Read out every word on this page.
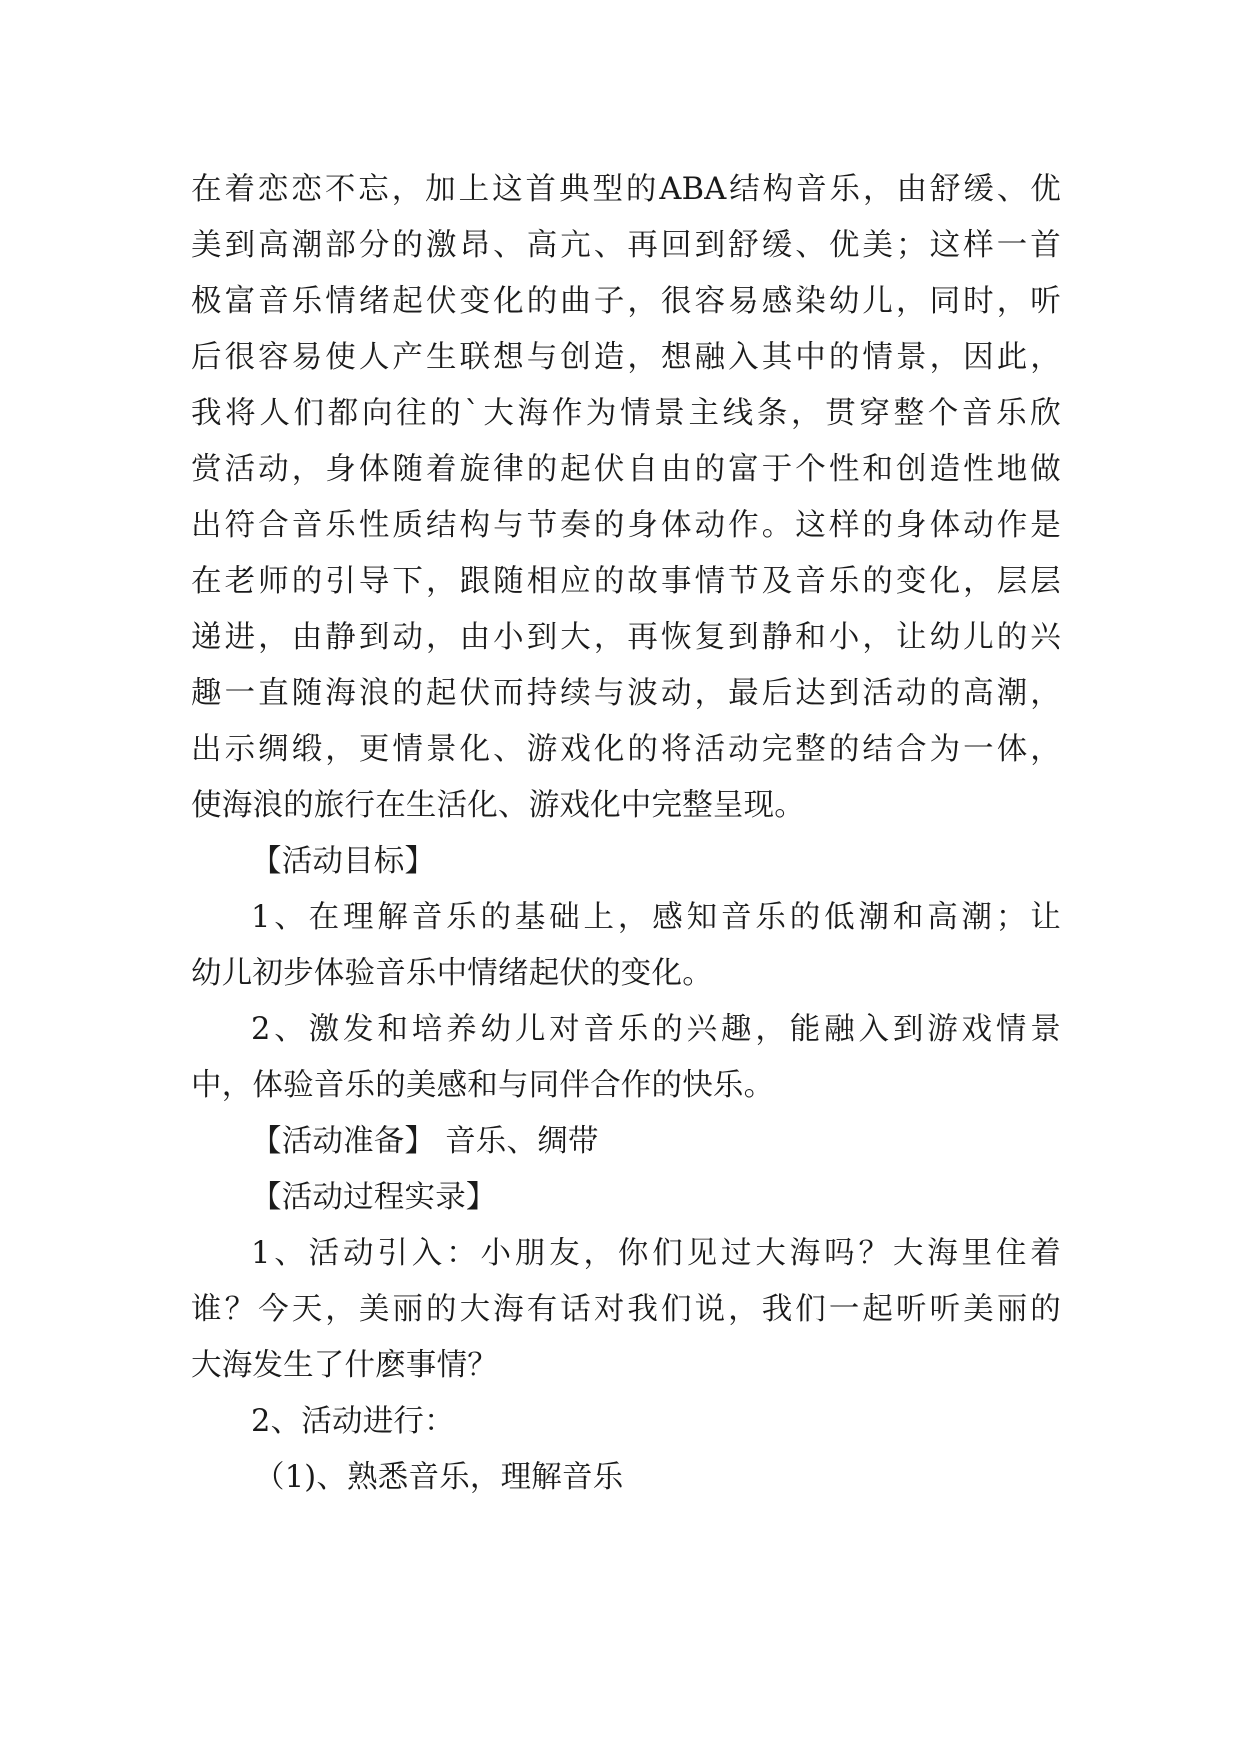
在着恋恋不忘，加上这首典型的ABA结构音乐，由舒缓、优
美到高潮部分的激昂、高亢、再回到舒缓、优美；这样一首
极富音乐情绪起伏变化的曲子，很容易感染幼儿，同时，听
后很容易使人产生联想与创造，想融入其中的情景，因此，
我将人们都向往的`大海作为情景主线条，贯穿整个音乐欣
赏活动，身体随着旋律的起伏自由的富于个性和创造性地做
出符合音乐性质结构与节奏的身体动作。这样的身体动作是
在老师的引导下，跟随相应的故事情节及音乐的变化，层层
递进，由静到动，由小到大，再恢复到静和小，让幼儿的兴
趣一直随海浪的起伏而持续与波动，最后达到活动的高潮，
出示绸缎，更情景化、游戏化的将活动完整的结合为一体，
使海浪的旅行在生活化、游戏化中完整呈现。
【活动目标】
1、在理解音乐的基础上，感知音乐的低潮和高潮；让
幼儿初步体验音乐中情绪起伏的变化。
2、激发和培养幼儿对音乐的兴趣，能融入到游戏情景
中，体验音乐的美感和与同伴合作的快乐。
【活动准备】 音乐、绸带
【活动过程实录】
1、活动引入：小朋友，你们见过大海吗？大海里住着
谁？今天，美丽的大海有话对我们说，我们一起听听美丽的
大海发生了什麽事情？
2、活动进行：
（1)、熟悉音乐，理解音乐
